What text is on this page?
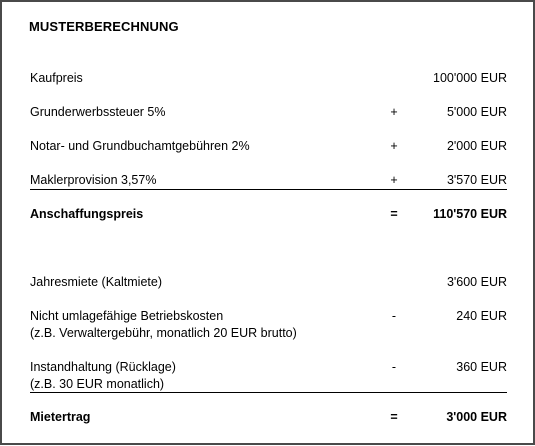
MUSTERBERECHNUNG
Kaufpreis	100'000 EUR
Grunderwerbssteuer 5%	+	5'000 EUR
Notar- und Grundbuchamtgebühren 2%	+	2'000 EUR
Maklerprovision 3,57%	+	3'570 EUR
Anschaffungspreis	=	110'570 EUR
Jahresmiete (Kaltmiete)	3'600 EUR
Nicht umlagefähige Betriebskosten
(z.B. Verwaltergebühr, monatlich 20 EUR brutto)
-	240 EUR
Instandhaltung (Rücklage)
(z.B. 30 EUR monatlich)
-	360 EUR
Mietertrag	=	3'000 EUR
